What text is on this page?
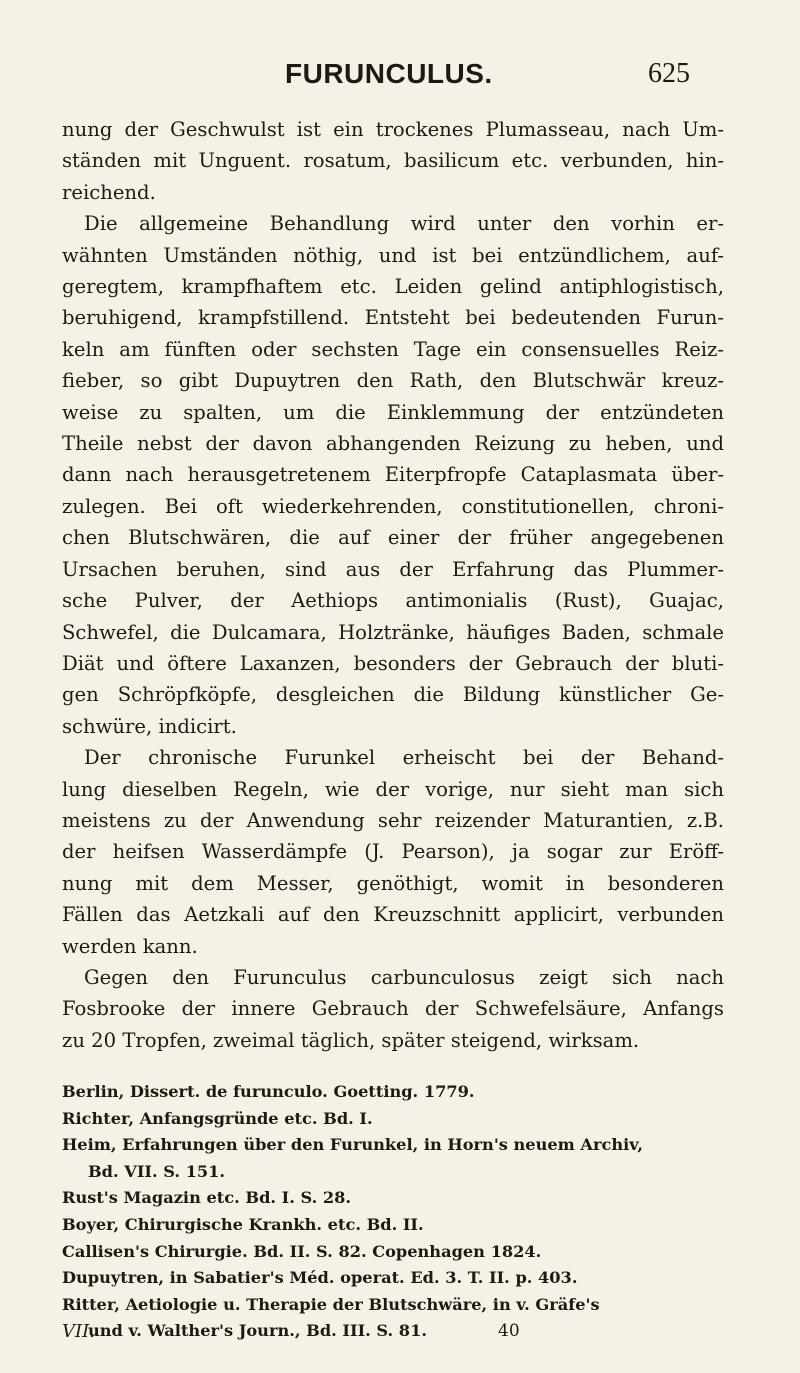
FURUNCULUS.	625

nung der Geschwulst ist ein trockenes Plumasseau, nach Um-
ständen mit Unguent. rosatum, basilicum etc. verbunden, hin-
reichend.

Die allgemeine Behandlung wird unter den vorhin er-
wähnten Umständen nöthig, und ist bei entzündlichem, auf-
geregtem, krampfhaftem etc. Leiden gelind antiphlogistisch,
beruhigend, krampfstillend. Entsteht bei bedeutenden Furun-
keln am fünften oder sechsten Tage ein consensuelles Reiz-
fieber, so gibt Dupuytren den Rath, den Blutschwär kreuz-
weise zu spalten, um die Einklemmung der entzündeten
Theile nebst der davon abhangenden Reizung zu heben, und
dann nach herausgetretenem Eiterpfropfe Cataplasmata über-
zulegen. Bei oft wiederkehrenden, constitutionellen, chroni-
chen Blutschwären, die auf einer der früher angegebenen
Ursachen beruhen, sind aus der Erfahrung das Plummer-
sche Pulver, der Aethiops antimonialis (Rust), Guajac,
Schwefel, die Dulcamara, Holztränke, häufiges Baden, schmale
Diät und öftere Laxanzen, besonders der Gebrauch der bluti-
gen Schröpfköpfe, desgleichen die Bildung künstlicher Ge-
schwüre, indicirt.

Der chronische Furunkel erheischt bei der Behand-
lung dieselben Regeln, wie der vorige, nur sieht man sich
meistens zu der Anwendung sehr reizender Maturantien, z.B.
der heifsen Wasserdämpfe (J. Pearson), ja sogar zur Eröff-
nung mit dem Messer, genöthigt, womit in besonderen
Fällen das Aetzkali auf den Kreuzschnitt applicirt, verbunden
werden kann.

Gegen den Furunculus carbunculosus zeigt sich nach
Fosbrooke der innere Gebrauch der Schwefelsäure, Anfangs
zu 20 Tropfen, zweimal täglich, später steigend, wirksam.

Berlin, Dissert. de furunculo. Goetting. 1779.
Richter, Anfangsgründe etc. Bd. I.
Heim, Erfahrungen über den Furunkel, in Horn's neuem Archiv,
Bd. VII. S. 151.
Rust's Magazin etc. Bd. I. S. 28.
Boyer, Chirurgische Krankh. etc. Bd. II.
Callisen's Chirurgie. Bd. II. S. 82. Copenhagen 1824.
Dupuytren, in Sabatier's Méd. operat. Ed. 3. T. II. p. 403.
Ritter, Aetiologie u. Therapie der Blutschwäre, in v. Gräfe's
und v. Walther's Journ., Bd. III. S. 81.
VII.	40
